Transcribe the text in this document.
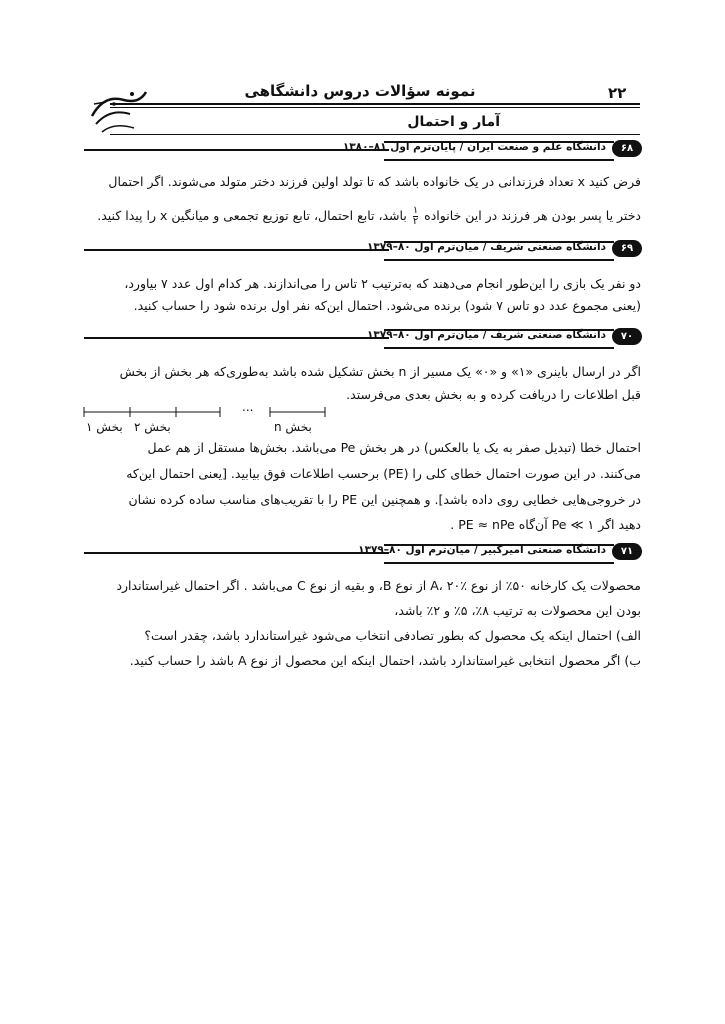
۲۲
نمونه سؤالات دروس دانشگاهی
آمار و احتمال
دانشگاه علم و صنعت ایران / پایان‌ترم اول ۸۱–۱۳۸۰	۶۸
فرض کنید x تعداد فرزندانی در یک خانواده باشد که تا تولد اولین فرزند دختر متولد می‌شوند. اگر احتمال
دختر یا پسر بودن هر فرزند در این خانواده
$\frac{۱}{۲}$
باشد، تابع احتمال، تابع توزیع تجمعی و میانگین x را پیدا کنید.
دانشگاه صنعتی شریف / میان‌ترم اول ۸۰–۱۳۷۹	۶۹
دو نفر یک بازی را این‌طور انجام می‌دهند که به‌ترتیب ۲ تاس را می‌اندازند. هر کدام اول عدد ۷ بیاورد،
(یعنی مجموع عدد دو تاس ۷ شود) برنده می‌شود. احتمال این‌که نفر اول برنده شود را حساب کنید.
دانشگاه صنعتی شریف / میان‌ترم اول ۸۰–۱۳۷۹	۷۰
اگر در ارسال باینری «۱» و «۰» یک مسیر از n بخش تشکیل شده باشد به‌طوری‌که هر بخش از بخش
قبل اطلاعات را دریافت کرده و به بخش بعدی می‌فرستد.
...
بخش ۱ بخش ۲	بخش n
احتمال خطا (تبدیل صفر به یک یا بالعکس) در هر بخش Pe می‌باشد. بخش‌ها مستقل از هم عمل
می‌کنند. در این صورت احتمال خطای کلی را (PE) برحسب اطلاعات فوق بیابید. [یعنی احتمال این‌که
در خروجی‌هایی خطایی روی داده باشد]. و همچنین این PE را با تقریب‌های مناسب ساده کرده نشان
دهید اگر ۱ ≫ Pe آن‌گاه PE ≈ nPe .
دانشگاه صنعتی امیرکبیر / میان‌ترم اول ۸۰–۱۳۷۹	۷۱
محصولات یک کارخانه ۵۰٪ از نوع A، ۲۰٪ از نوع B، و بقیه از نوع C می‌باشد . اگر احتمال غیراستاندارد
بودن این محصولات به ترتیب ۸٪، ۵٪ و ۲٪ باشد،
الف) احتمال اینکه یک محصول که بطور تصادفی انتخاب می‌شود غیراستاندارد باشد، چقدر است؟
ب) اگر محصول انتخابی غیراستاندارد باشد، احتمال اینکه این محصول از نوع A باشد را حساب کنید.
